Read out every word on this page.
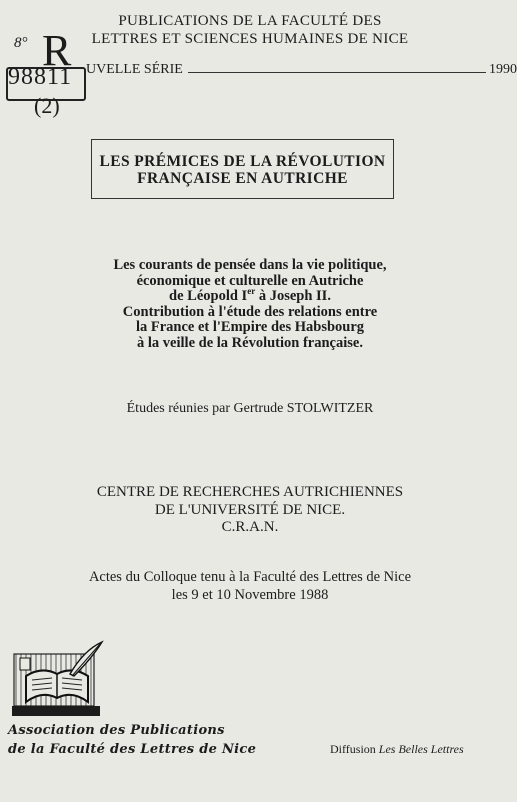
8° R
98811
(2)
PUBLICATIONS DE LA FACULTÉ DES
LETTRES ET SCIENCES HUMAINES DE NICE
UVELLE SÉRIE	1990
LES PRÉMICES DE LA RÉVOLUTION
FRANÇAISE EN AUTRICHE
Les courants de pensée dans la vie politique,
économique et culturelle en Autriche
de Léopold Ier à Joseph II.
Contribution à l'étude des relations entre
la France et l'Empire des Habsbourg
à la veille de la Révolution française.
Études réunies par Gertrude STOLWITZER
CENTRE DE RECHERCHES AUTRICHIENNES
DE L'UNIVERSITÉ DE NICE.
C.R.A.N.
Actes du Colloque tenu à la Faculté des Lettres de Nice
les 9 et 10 Novembre 1988
Association des Publications
de la Faculté des Lettres de Nice	Diffusion Les Belles Lettres
